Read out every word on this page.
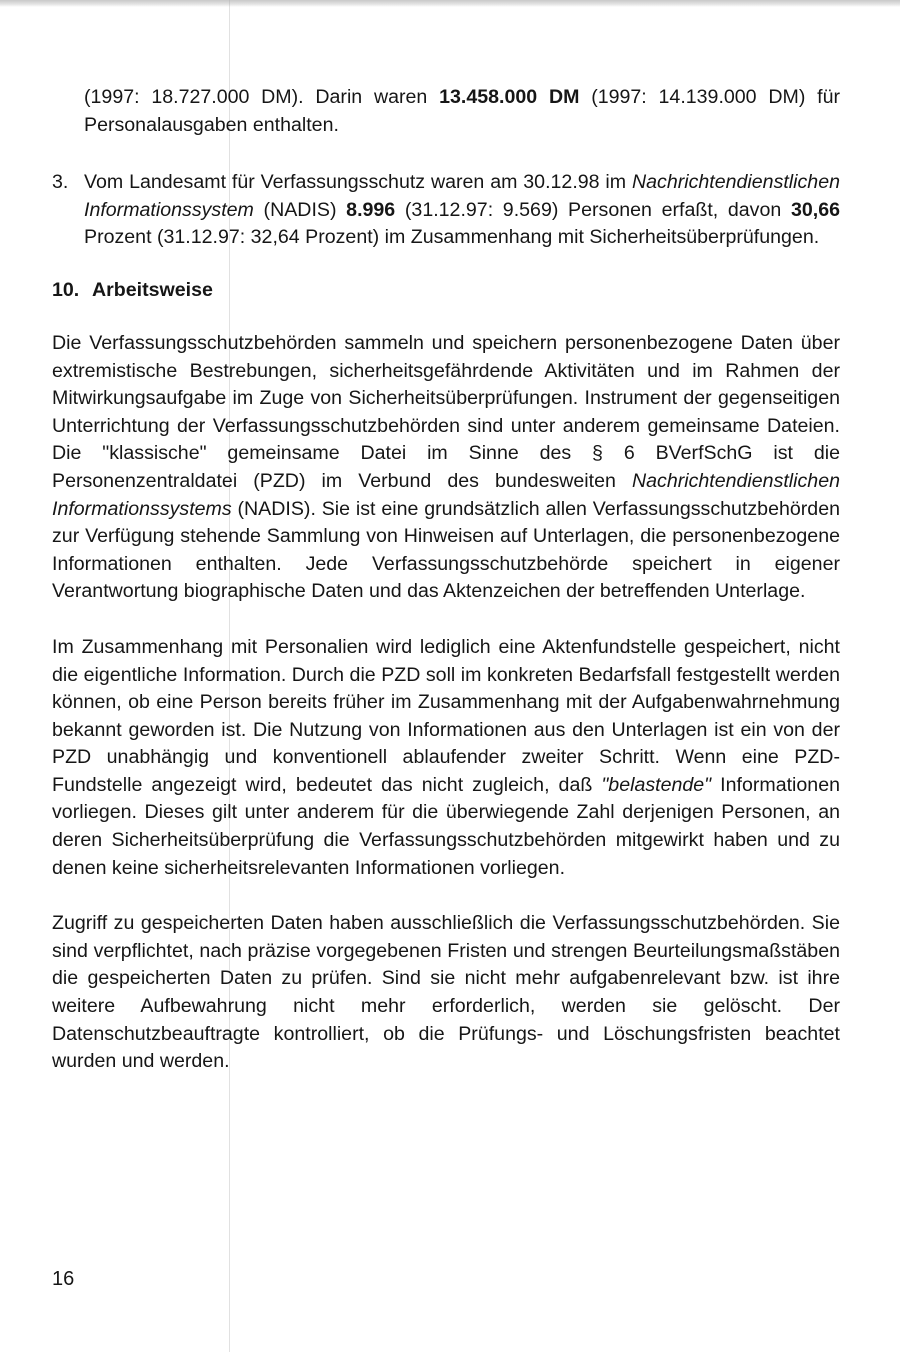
(1997: 18.727.000 DM). Darin waren 13.458.000 DM (1997: 14.139.000 DM) für Personalausgaben enthalten.

3. Vom Landesamt für Verfassungsschutz waren am 30.12.98 im Nachrichtendienstlichen Informationssystem (NADIS) 8.996 (31.12.97: 9.569) Personen erfaßt, davon 30,66 Prozent (31.12.97: 32,64 Prozent) im Zusammenhang mit Sicherheitsüberprüfungen.

10. Arbeitsweise

Die Verfassungsschutzbehörden sammeln und speichern personenbezogene Daten über extremistische Bestrebungen, sicherheitsgefährdende Aktivitäten und im Rahmen der Mitwirkungsaufgabe im Zuge von Sicherheitsüberprüfungen. Instrument der gegenseitigen Unterrichtung der Verfassungsschutzbehörden sind unter anderem gemeinsame Dateien. Die "klassische" gemeinsame Datei im Sinne des § 6 BVerfSchG ist die Personenzentraldatei (PZD) im Verbund des bundesweiten Nachrichtendienstlichen Informationssystems (NADIS). Sie ist eine grundsätzlich allen Verfassungsschutzbehörden zur Verfügung stehende Sammlung von Hinweisen auf Unterlagen, die personenbezogene Informationen enthalten. Jede Verfassungsschutzbehörde speichert in eigener Verantwortung biographische Daten und das Aktenzeichen der betreffenden Unterlage.

Im Zusammenhang mit Personalien wird lediglich eine Aktenfundstelle gespeichert, nicht die eigentliche Information. Durch die PZD soll im konkreten Bedarfsfall festgestellt werden können, ob eine Person bereits früher im Zusammenhang mit der Aufgabenwahrnehmung bekannt geworden ist. Die Nutzung von Informationen aus den Unterlagen ist ein von der PZD unabhängig und konventionell ablaufender zweiter Schritt. Wenn eine PZD-Fundstelle angezeigt wird, bedeutet das nicht zugleich, daß "belastende" Informationen vorliegen. Dieses gilt unter anderem für die überwiegende Zahl derjenigen Personen, an deren Sicherheitsüberprüfung die Verfassungsschutzbehörden mitgewirkt haben und zu denen keine sicherheitsrelevanten Informationen vorliegen.

Zugriff zu gespeicherten Daten haben ausschließlich die Verfassungsschutzbehörden. Sie sind verpflichtet, nach präzise vorgegebenen Fristen und strengen Beurteilungsmaßstäben die gespeicherten Daten zu prüfen. Sind sie nicht mehr aufgabenrelevant bzw. ist ihre weitere Aufbewahrung nicht mehr erforderlich, werden sie gelöscht. Der Datenschutzbeauftragte kontrolliert, ob die Prüfungs- und Löschungsfristen beachtet wurden und werden.

16
